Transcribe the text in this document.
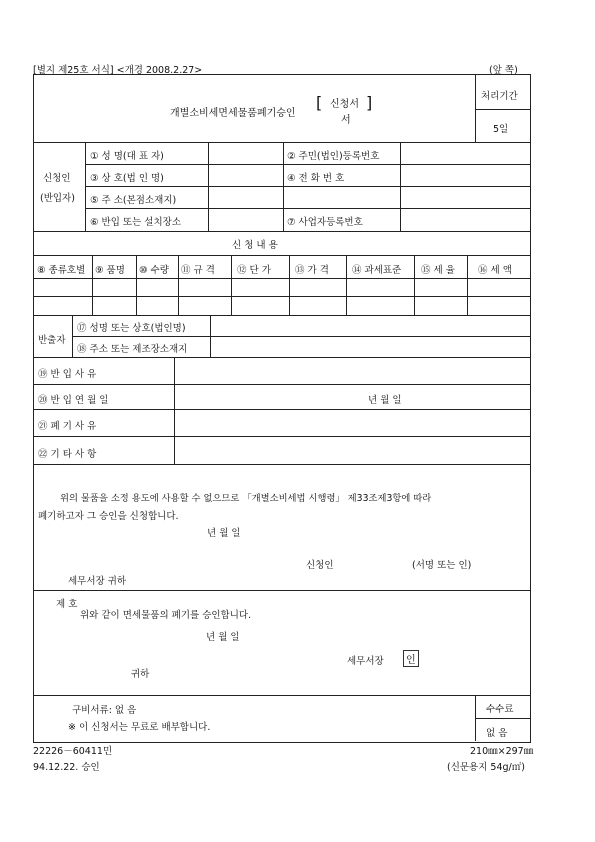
[별지 제25호 서식] <개경 2008.2.27>	(앞 쪽)
개별소비세면세물품폐기승인
[ 신청서
서
]	처리기간
5일
신청인
(반입자)
① 성 명(대 표 자)	② 주민(법인)등록번호
③ 상 호(법 인 명)	④ 전 화 번 호
⑤ 주 소(본점소재지)
⑥ 반입 또는 설치장소	⑦ 사업자등록번호
신 청 내 용
⑧ 종류호별 ⑨ 품명 ⑩ 수량 ⑪ 규 격 ⑫ 단 가	⑬ 가 격 ⑭ 과세표준 ⑮ 세 율 ⑯ 세 액
반출자
⑰ 성명 또는 상호(법인명)
⑱ 주소 또는 제조장소재지
⑲ 반 입 사 유
⑳ 반 입 연 월 일	년 월 일
㉑ 폐 기 사 유
㉒ 기 타 사 항
위의 물품을 소정 용도에 사용할 수 없으므로 「개별소비세법 시행령」 제33조제3항에 따라
폐기하고자 그 승인을 신청합니다.
년 월 일
신청인	(서명 또는 인)
세무서장 귀하
제 호
위와 같이 면세물품의 폐기를 승인합니다.
년 월 일
세무서장	인
귀하
구비서류: 없 음
※ 이 신청서는 무료로 배부합니다.
수수료
없 음
22226－60411민	210㎜×297㎜
94.12.22. 승인	(신문용지 54g/㎡)
